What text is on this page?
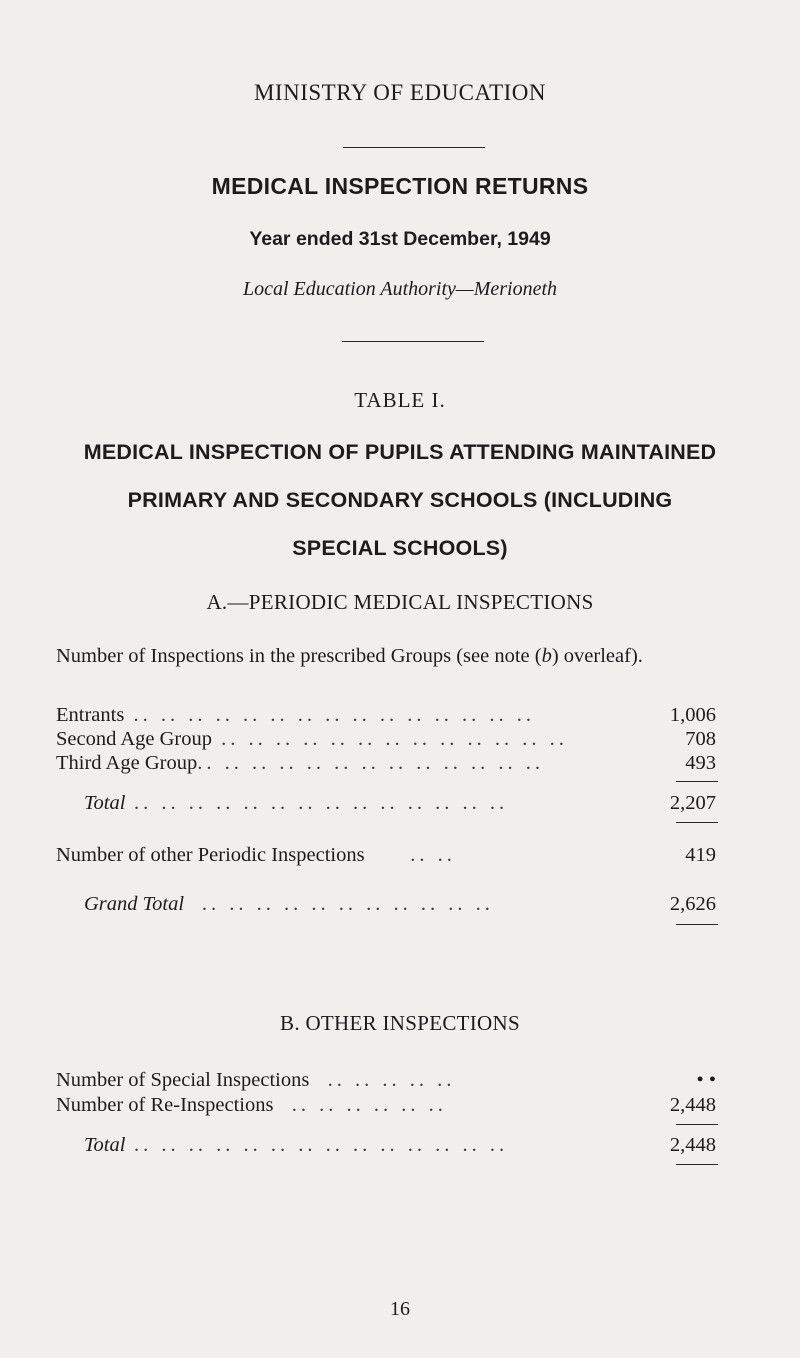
MINISTRY OF EDUCATION
MEDICAL INSPECTION RETURNS
Year ended 31st December, 1949
Local Education Authority—Merioneth
TABLE I.
MEDICAL INSPECTION OF PUPILS ATTENDING MAINTAINED
PRIMARY AND SECONDARY SCHOOLS (INCLUDING
SPECIAL SCHOOLS)
A.—PERIODIC MEDICAL INSPECTIONS
Number of Inspections in the prescribed Groups (see note (b) overleaf).
Entrants .. .. .. .. .. .. .. .. .. .. .. .. .. .. ..	1,006
Second Age Group .. .. .. .. .. .. .. .. .. .. .. .. ..	708
Third Age Group.. .. .. .. .. .. .. .. .. .. .. .. ..	493
Total .. .. .. .. .. .. .. .. .. .. .. .. .. ..	2,207
Number of other Periodic Inspections     .. ..	419
Grand Total  .. .. .. .. .. .. .. .. .. .. ..	2,626
B. OTHER INSPECTIONS
Number of Special Inspections  .. .. .. .. ..	• •
Number of Re-Inspections  .. .. .. .. .. ..	2,448
Total .. .. .. .. .. .. .. .. .. .. .. .. .. ..	2,448
16
